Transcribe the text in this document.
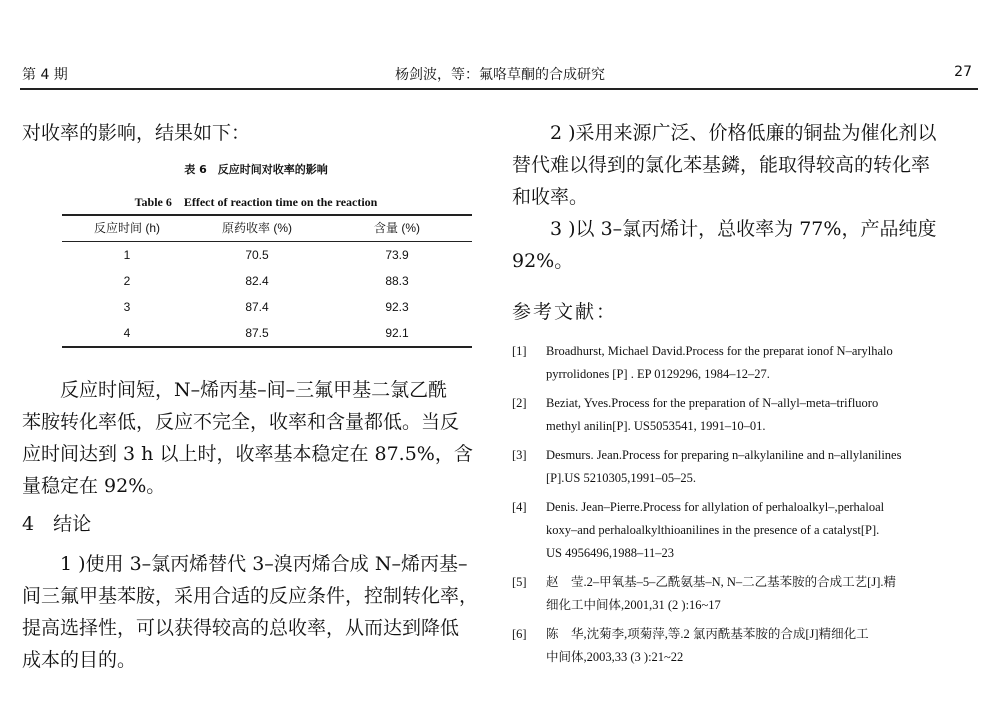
第 4 期	杨剑波，等：氟咯草酮的合成研究	27

对收率的影响，结果如下：

表 6　反应时间对收率的影响

Table 6　Effect of reaction time on the reaction

反应时间 (h)	原药收率 (%)	含量 (%)
1	70.5	73.9
2	82.4	88.3
3	87.4	92.3
4	87.5	92.1

反应时间短，N–烯丙基–间–三氟甲基二氯乙酰

苯胺转化率低，反应不完全，收率和含量都低。当反

应时间达到 3 h 以上时，收率基本稳定在 87.5%，含

量稳定在 92%。

4　结论

1 )使用 3–氯丙烯替代 3–溴丙烯合成 N–烯丙基–

间三氟甲基苯胺，采用合适的反应条件，控制转化率，

提高选择性，可以获得较高的总收率，从而达到降低

成本的目的。

2 )采用来源广泛、价格低廉的铜盐为催化剂以

替代难以得到的氯化苯基鏻，能取得较高的转化率

和收率。

3 )以 3–氯丙烯计，总收率为 77%，产品纯度 92%。

参考文献：

[1]	Broadhurst, Michael David.Process for the preparat ionof N–arylhalo
pyrrolidones [P] . EP 0129296, 1984–12–27.
[2]	Beziat, Yves.Process for the preparation of N–allyl–meta–trifluoro
methyl anilin[P]. US5053541, 1991–10–01.
[3]	Desmurs. Jean.Process for preparing n–alkylaniline and n–allylanilines
[P].US 5210305,1991–05–25.
[4]	Denis. Jean–Pierre.Process for allylation of perhaloalkyl–,perhaloal
koxy–and perhaloalkylthioanilines in the presence of a catalyst[P].
US 4956496,1988–11–23
[5]	赵　莹.2–甲氧基–5–乙酰氨基–N, N–二乙基苯胺的合成工艺[J].精
细化工中间体,2001,31 (2 ):16~17
[6]	陈　华,沈菊李,项菊萍,等.2 氯丙酰基苯胺的合成[J]精细化工
中间体,2003,33 (3 ):21~22
